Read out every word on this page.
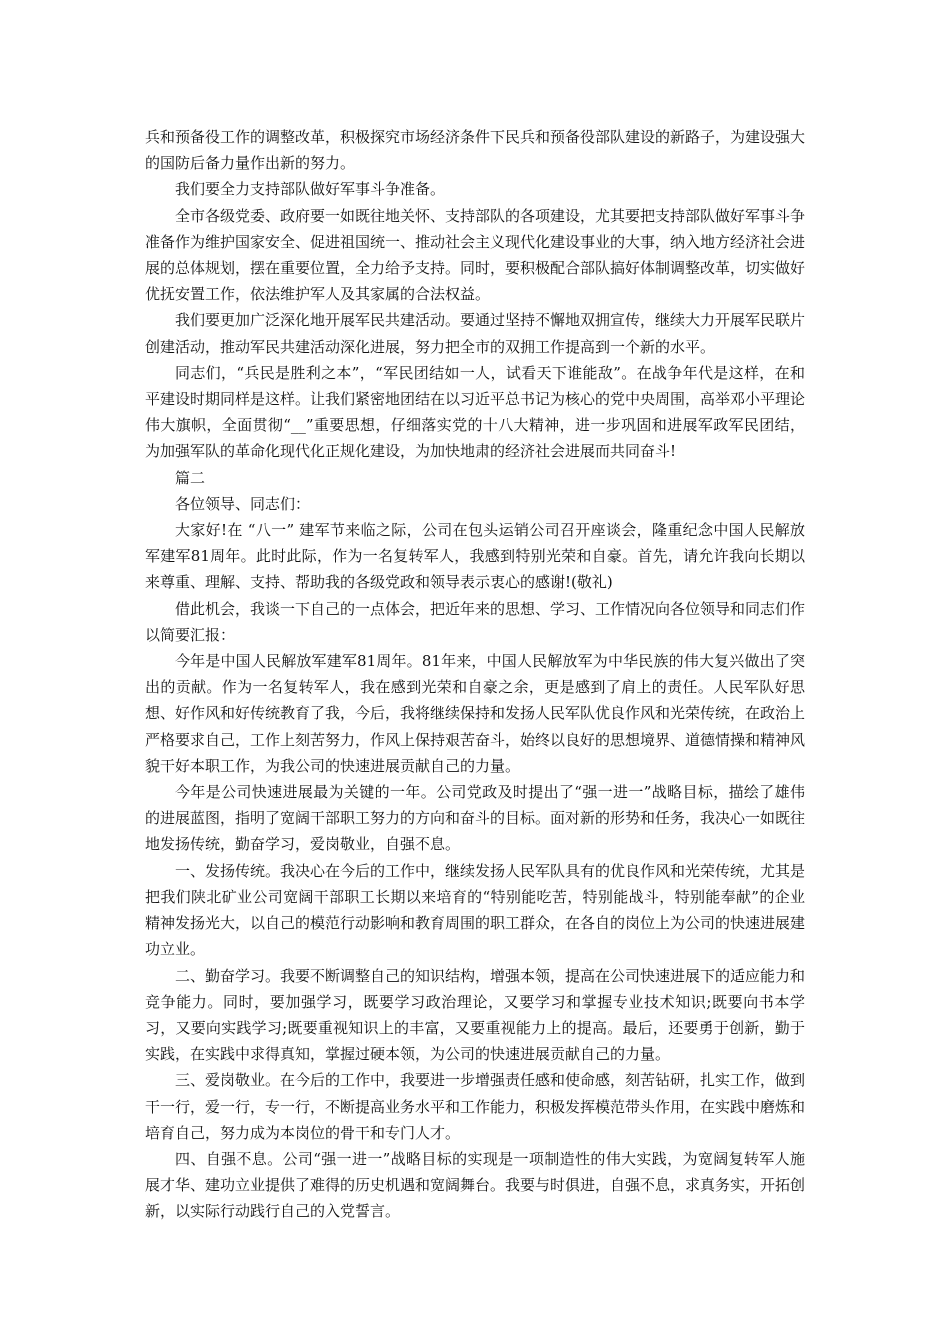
兵和预备役工作的调整改革，积极探究市场经济条件下民兵和预备役部队建设的新路子，为建设强大的国防后备力量作出新的努力。

我们要全力支持部队做好军事斗争准备。

全市各级党委、政府要一如既往地关怀、支持部队的各项建设，尤其要把支持部队做好军事斗争准备作为维护国家安全、促进祖国统一、推动社会主义现代化建设事业的大事，纳入地方经济社会进展的总体规划，摆在重要位置，全力给予支持。同时，要积极配合部队搞好体制调整改革，切实做好优抚安置工作，依法维护军人及其家属的合法权益。

我们要更加广泛深化地开展军民共建活动。要通过坚持不懈地双拥宣传，继续大力开展军民联片创建活动，推动军民共建活动深化进展，努力把全市的双拥工作提高到一个新的水平。

同志们，“兵民是胜利之本”，“军民团结如一人，试看天下谁能敌”。在战争年代是这样，在和平建设时期同样是这样。让我们紧密地团结在以习近平总书记为核心的党中央周围，高举邓小平理论伟大旗帜，全面贯彻“__”重要思想，仔细落实党的十八大精神，进一步巩固和进展军政军民团结，为加强军队的革命化现代化正规化建设，为加快地肃的经济社会进展而共同奋斗!

篇二

各位领导、同志们：

大家好!在 “八一” 建军节来临之际，公司在包头运销公司召开座谈会，隆重纪念中国人民解放军建军81周年。此时此际，作为一名复转军人，我感到特别光荣和自豪。首先，请允许我向长期以来尊重、理解、支持、帮助我的各级党政和领导表示衷心的感谢!(敬礼)

借此机会，我谈一下自己的一点体会，把近年来的思想、学习、工作情况向各位领导和同志们作以简要汇报：

今年是中国人民解放军建军81周年。81年来，中国人民解放军为中华民族的伟大复兴做出了突出的贡献。作为一名复转军人，我在感到光荣和自豪之余，更是感到了肩上的责任。人民军队好思想、好作风和好传统教育了我，今后，我将继续保持和发扬人民军队优良作风和光荣传统，在政治上严格要求自己，工作上刻苦努力，作风上保持艰苦奋斗，始终以良好的思想境界、道德情操和精神风貌干好本职工作，为我公司的快速进展贡献自己的力量。

今年是公司快速进展最为关键的一年。公司党政及时提出了“强一进一”战略目标，描绘了雄伟的进展蓝图，指明了宽阔干部职工努力的方向和奋斗的目标。面对新的形势和任务，我决心一如既往地发扬传统，勤奋学习，爱岗敬业，自强不息。

一、发扬传统。我决心在今后的工作中，继续发扬人民军队具有的优良作风和光荣传统，尤其是把我们陕北矿业公司宽阔干部职工长期以来培育的“特别能吃苦，特别能战斗，特别能奉献”的企业精神发扬光大，以自己的模范行动影响和教育周围的职工群众，在各自的岗位上为公司的快速进展建功立业。

二、勤奋学习。我要不断调整自己的知识结构，增强本领，提高在公司快速进展下的适应能力和竞争能力。同时，要加强学习，既要学习政治理论，又要学习和掌握专业技术知识;既要向书本学习，又要向实践学习;既要重视知识上的丰富，又要重视能力上的提高。最后，还要勇于创新，勤于实践，在实践中求得真知，掌握过硬本领，为公司的快速进展贡献自己的力量。

三、爱岗敬业。在今后的工作中，我要进一步增强责任感和使命感，刻苦钻研，扎实工作，做到干一行，爱一行，专一行，不断提高业务水平和工作能力，积极发挥模范带头作用，在实践中磨炼和培育自己，努力成为本岗位的骨干和专门人才。

四、自强不息。公司“强一进一”战略目标的实现是一项制造性的伟大实践，为宽阔复转军人施展才华、建功立业提供了难得的历史机遇和宽阔舞台。我要与时俱进，自强不息，求真务实，开拓创新，以实际行动践行自己的入党誓言。
